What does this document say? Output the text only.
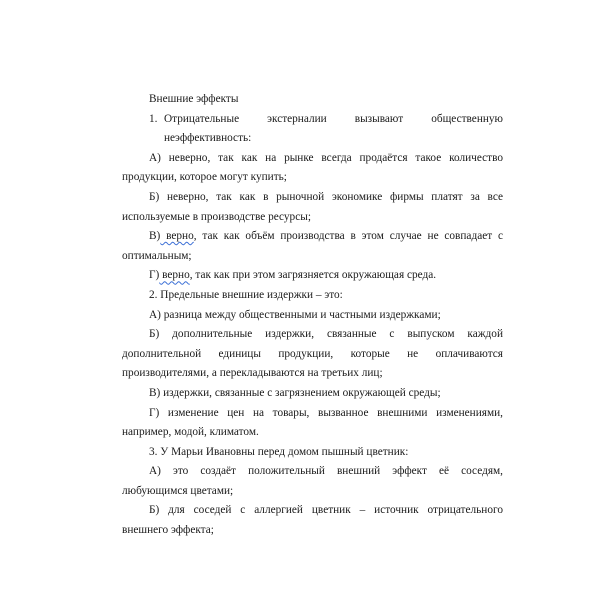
Внешние эффекты

1. Отрицательные экстерналии вызывают общественную неэффективность:

А) неверно, так как на рынке всегда продаётся такое количество продукции, которое могут купить;

Б) неверно, так как в рыночной экономике фирмы платят за все используемые в производстве ресурсы;

В) верно, так как объём производства в этом случае не совпадает с оптимальным;

Г) верно, так как при этом загрязняется окружающая среда.

2. Предельные внешние издержки – это:

А) разница между общественными и частными издержками;

Б) дополнительные издержки, связанные с выпуском каждой дополнительной единицы продукции, которые не оплачиваются производителями, а перекладываются на третьих лиц;

В) издержки, связанные с загрязнением окружающей среды;

Г) изменение цен на товары, вызванное внешними изменениями, например, модой, климатом.

3. У Марьи Ивановны перед домом пышный цветник:

А) это создаёт положительный внешний эффект её соседям, любующимся цветами;

Б) для соседей с аллергией цветник – источник отрицательного внешнего эффекта;
